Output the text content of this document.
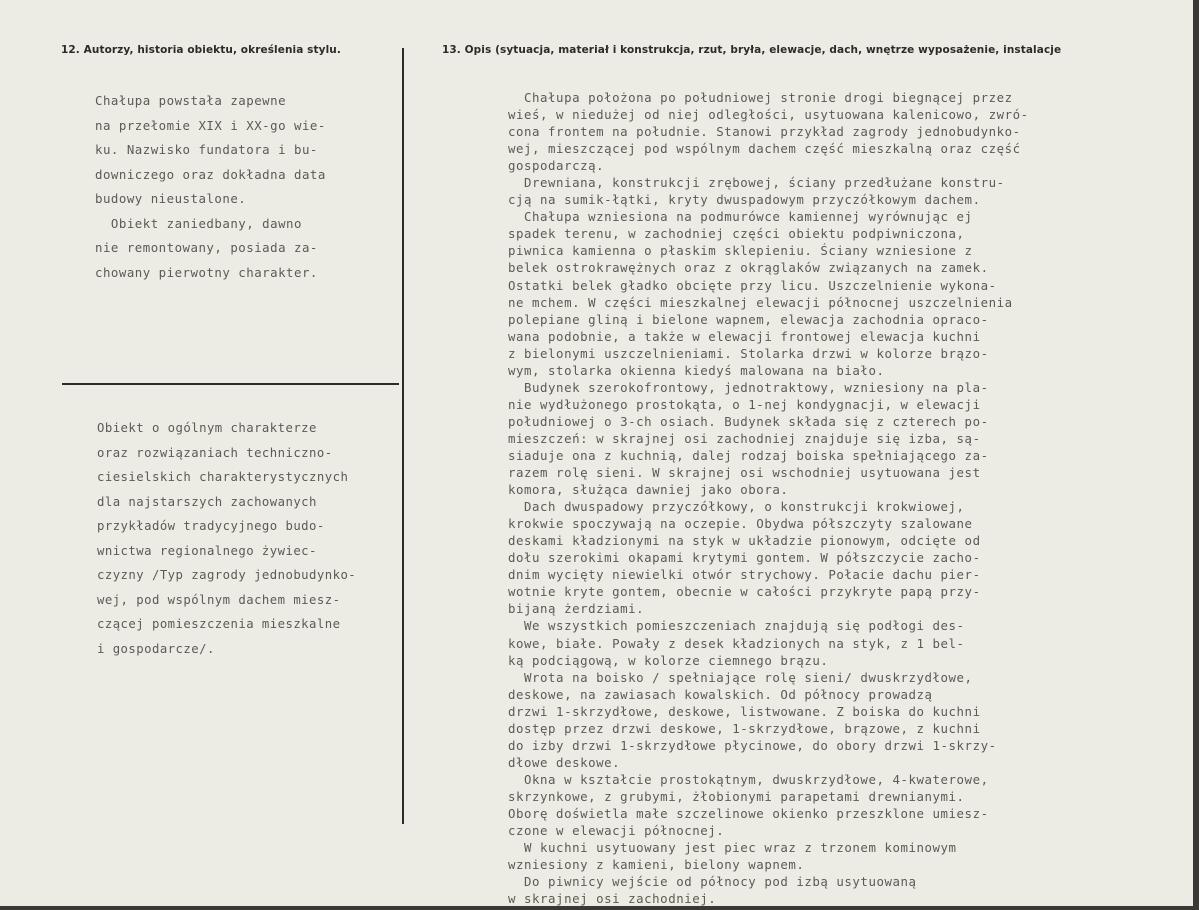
12. Autorzy, historia obiektu, określenia stylu.	13. Opis (sytuacja, materiał i konstrukcja, rzut, bryła, elewacje, dach, wnętrze wyposażenie, instalacje
Chałupa powstała zapewne
na przełomie XIX i XX-go wie-
ku. Nazwisko fundatora i bu-
downiczego oraz dokładna data
budowy nieustalone.
Obiekt zaniedbany, dawno
nie remontowany, posiada za-
chowany pierwotny charakter.
Obiekt o ogólnym charakterze
oraz rozwiązaniach techniczno-
ciesielskich charakterystycznych
dla najstarszych zachowanych
przykładów tradycyjnego budo-
wnictwa regionalnego żywiec-
czyzny /Typ zagrody jednobudynko-
wej, pod wspólnym dachem miesz-
czącej pomieszczenia mieszkalne
i gospodarcze/.
Chałupa położona po południowej stronie drogi biegnącej przez
wieś, w niedużej od niej odległości, usytuowana kalenicowo, zwró-
cona frontem na południe. Stanowi przykład zagrody jednobudynko-
wej, mieszczącej pod wspólnym dachem część mieszkalną oraz część
gospodarczą.
Drewniana, konstrukcji zrębowej, ściany przedłużane konstru-
cją na sumik-łątki, kryty dwuspadowym przyczółkowym dachem.
Chałupa wzniesiona na podmurówce kamiennej wyrównując ej
spadek terenu, w zachodniej części obiektu podpiwniczona,
piwnica kamienna o płaskim sklepieniu. Ściany wzniesione z
belek ostrokrawężnych oraz z okrąglaków związanych na zamek.
Ostatki belek gładko obcięte przy licu. Uszczelnienie wykona-
ne mchem. W części mieszkalnej elewacji północnej uszczelnienia
polepiane gliną i bielone wapnem, elewacja zachodnia opraco-
wana podobnie, a także w elewacji frontowej elewacja kuchni
z bielonymi uszczelnieniami. Stolarka drzwi w kolorze brązo-
wym, stolarka okienna kiedyś malowana na biało.
Budynek szerokofrontowy, jednotraktowy, wzniesiony na pla-
nie wydłużonego prostokąta, o 1-nej kondygnacji, w elewacji
południowej o 3-ch osiach. Budynek składa się z czterech po-
mieszczeń: w skrajnej osi zachodniej znajduje się izba, są-
siaduje ona z kuchnią, dalej rodzaj boiska spełniającego za-
razem rolę sieni. W skrajnej osi wschodniej usytuowana jest
komora, służąca dawniej jako obora.
Dach dwuspadowy przyczółkowy, o konstrukcji krokwiowej,
krokwie spoczywają na oczepie. Obydwa półszczyty szalowane
deskami kładzionymi na styk w układzie pionowym, odcięte od
dołu szerokimi okapami krytymi gontem. W półszczycie zacho-
dnim wycięty niewielki otwór strychowy. Połacie dachu pier-
wotnie kryte gontem, obecnie w całości przykryte papą przy-
bijaną żerdziami.
We wszystkich pomieszczeniach znajdują się podłogi des-
kowe, białe. Powały z desek kładzionych na styk, z 1 bel-
ką podciągową, w kolorze ciemnego brązu.
Wrota na boisko / spełniające rolę sieni/ dwuskrzydłowe,
deskowe, na zawiasach kowalskich. Od północy prowadzą
drzwi 1-skrzydłowe, deskowe, listwowane. Z boiska do kuchni
dostęp przez drzwi deskowe, 1-skrzydłowe, brązowe, z kuchni
do izby drzwi 1-skrzydłowe płycinowe, do obory drzwi 1-skrzy-
dłowe deskowe.
Okna w kształcie prostokątnym, dwuskrzydłowe, 4-kwaterowe,
skrzynkowe, z grubymi, żłobionymi parapetami drewnianymi.
Oborę doświetla małe szczelinowe okienko przeszklone umiesz-
czone w elewacji północnej.
W kuchni usytuowany jest piec wraz z trzonem kominowym
wzniesiony z kamieni, bielony wapnem.
Do piwnicy wejście od północy pod izbą usytuowaną
w skrajnej osi zachodniej.
